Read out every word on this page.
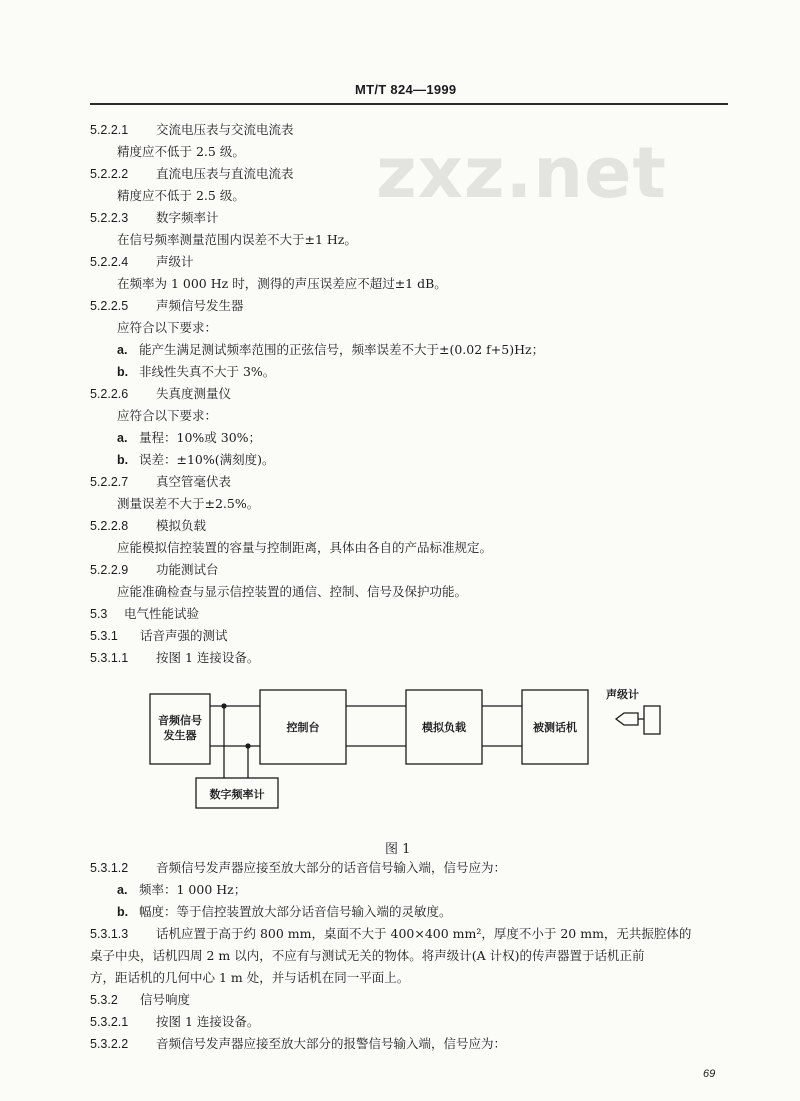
MT/T 824—1999
zxz.net
5.2.2.1 交流电压表与交流电流表
精度应不低于 2.5 级。
5.2.2.2 直流电压表与直流电流表
精度应不低于 2.5 级。
5.2.2.3 数字频率计
在信号频率测量范围内误差不大于±1 Hz。
5.2.2.4 声级计
在频率为 1 000 Hz 时，测得的声压误差应不超过±1 dB。
5.2.2.5 声频信号发生器
应符合以下要求：
a. 能产生满足测试频率范围的正弦信号，频率误差不大于±(0.02 f+5)Hz；
b. 非线性失真不大于 3%。
5.2.2.6 失真度测量仪
应符合以下要求：
a. 量程：10%或 30%；
b. 误差：±10%(满刻度)。
5.2.2.7 真空管毫伏表
测量误差不大于±2.5%。
5.2.2.8 模拟负载
应能模拟信控装置的容量与控制距离，具体由各自的产品标准规定。
5.2.2.9 功能测试台
应能准确检查与显示信控装置的通信、控制、信号及保护功能。
5.3 电气性能试验
5.3.1 话音声强的测试
5.3.1.1 按图 1 连接设备。
音频信号
发生器
控制台	模拟负载	被测话机
数字频率计
声级计
图 1
5.3.1.2 音频信号发声器应接至放大部分的话音信号输入端，信号应为：
a. 频率：1 000 Hz；
b. 幅度：等于信控装置放大部分话音信号输入端的灵敏度。
5.3.1.3 话机应置于高于约 800 mm，桌面不大于 400×400 mm²，厚度不小于 20 mm，无共振腔体的
桌子中央，话机四周 2 m 以内，不应有与测试无关的物体。将声级计(A 计权)的传声器置于话机正前
方，距话机的几何中心 1 m 处，并与话机在同一平面上。
5.3.2 信号响度
5.3.2.1 按图 1 连接设备。
5.3.2.2 音频信号发声器应接至放大部分的报警信号输入端，信号应为：
69
